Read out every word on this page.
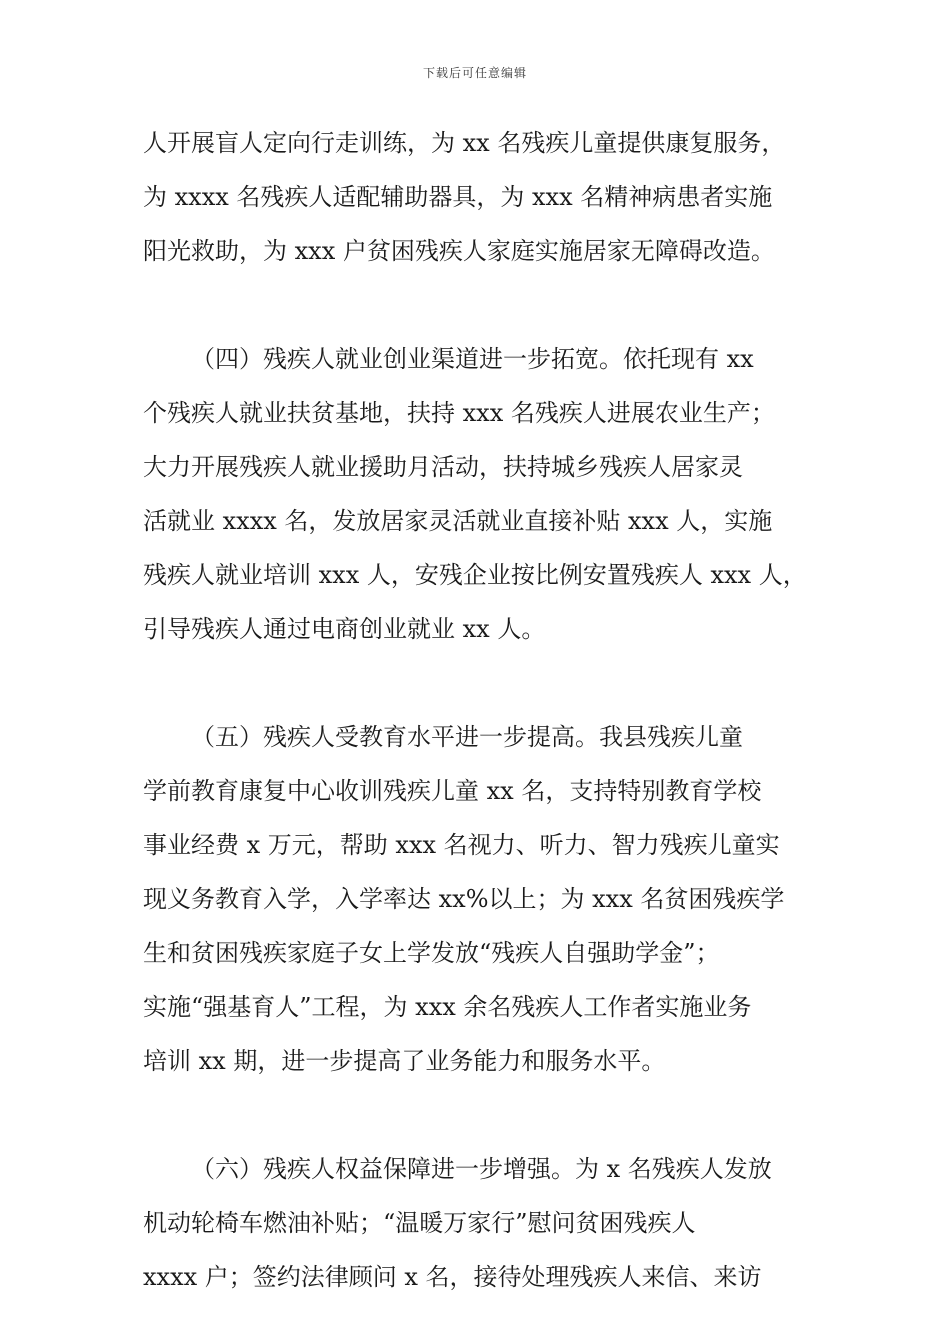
下载后可任意编辑

人开展盲人定向行走训练，为 xx 名残疾儿童提供康复服务，

为 xxxx 名残疾人适配辅助器具，为 xxx 名精神病患者实施

阳光救助，为 xxx 户贫困残疾人家庭实施居家无障碍改造。

（四）残疾人就业创业渠道进一步拓宽。依托现有 xx

个残疾人就业扶贫基地，扶持 xxx 名残疾人进展农业生产；

大力开展残疾人就业援助月活动，扶持城乡残疾人居家灵

活就业 xxxx 名，发放居家灵活就业直接补贴 xxx 人，实施

残疾人就业培训 xxx 人，安残企业按比例安置残疾人 xxx 人，

引导残疾人通过电商创业就业 xx 人。

（五）残疾人受教育水平进一步提高。我县残疾儿童

学前教育康复中心收训残疾儿童 xx 名，支持特别教育学校

事业经费 x 万元，帮助 xxx 名视力、听力、智力残疾儿童实

现义务教育入学，入学率达 xx%以上；为 xxx 名贫困残疾学

生和贫困残疾家庭子女上学发放“残疾人自强助学金”；

实施“强基育人”工程，为 xxx 余名残疾人工作者实施业务

培训 xx 期，进一步提高了业务能力和服务水平。

（六）残疾人权益保障进一步增强。为 x 名残疾人发放

机动轮椅车燃油补贴；“温暖万家行”慰问贫困残疾人

xxxx 户；签约法律顾问 x 名，接待处理残疾人来信、来访
